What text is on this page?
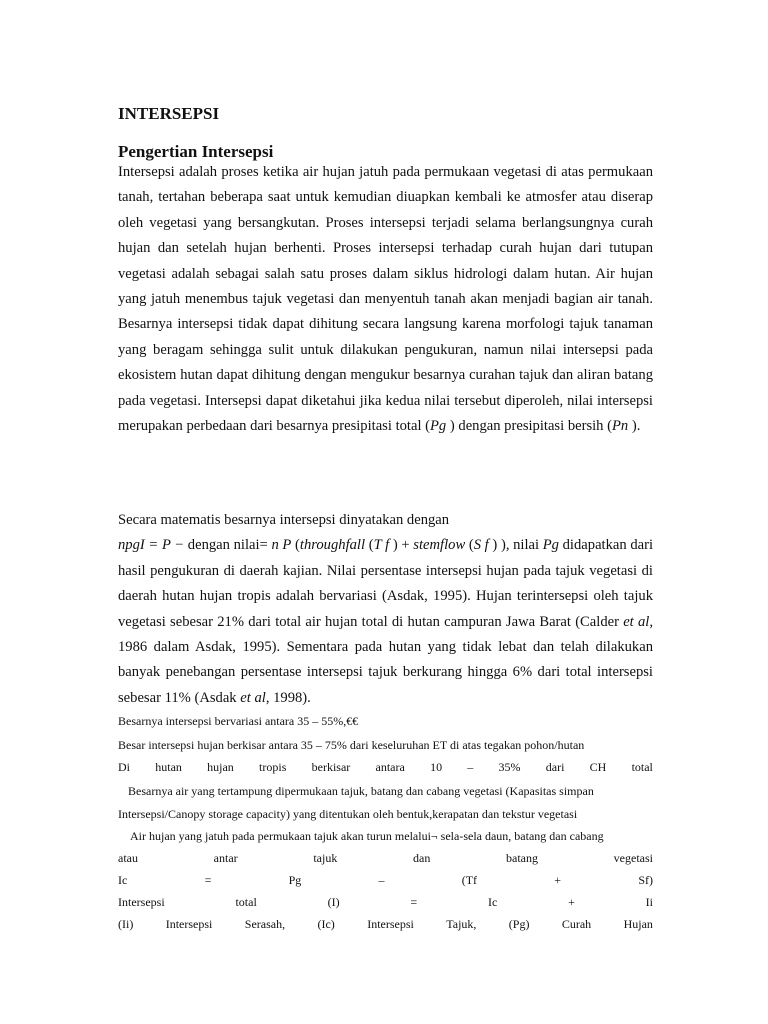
INTERSEPSI
Pengertian Intersepsi

Intersepsi adalah proses ketika air hujan jatuh pada permukaan vegetasi di atas permukaan tanah, tertahan beberapa saat untuk kemudian diuapkan kembali ke atmosfer atau diserap oleh vegetasi yang bersangkutan. Proses intersepsi terjadi selama berlangsungnya curah hujan dan setelah hujan berhenti. Proses intersepsi terhadap curah hujan dari tutupan vegetasi adalah sebagai salah satu proses dalam siklus hidrologi dalam hutan. Air hujan yang jatuh menembus tajuk vegetasi dan menyentuh tanah akan menjadi bagian air tanah. Besarnya intersepsi tidak dapat dihitung secara langsung karena morfologi tajuk tanaman yang beragam sehingga sulit untuk dilakukan pengukuran, namun nilai intersepsi pada ekosistem hutan dapat dihitung dengan mengukur besarnya curahan tajuk dan aliran batang pada vegetasi. Intersepsi dapat diketahui jika kedua nilai tersebut diperoleh, nilai intersepsi merupakan perbedaan dari besarnya presipitasi total (Pg ) dengan presipitasi bersih (Pn ).

Secara matematis besarnya intersepsi dinyatakan dengan
npgI = P − dengan nilai= n P (throughfall (T f ) + stemflow (S f ) ), nilai Pg didapatkan dari hasil pengukuran di daerah kajian. Nilai persentase intersepsi hujan pada tajuk vegetasi di daerah hutan hujan tropis adalah bervariasi (Asdak, 1995). Hujan terintersepsi oleh tajuk vegetasi sebesar 21% dari total air hujan total di hutan campuran Jawa Barat (Calder et al, 1986 dalam Asdak, 1995). Sementara pada hutan yang tidak lebat dan telah dilakukan banyak penebangan persentase intersepsi tajuk berkurang hingga 6% dari total intersepsi sebesar 11% (Asdak et al, 1998).

Besarnya intersepsi bervariasi antara 35 – 55%,€€

Besar intersepsi hujan berkisar antara 35 – 75% dari keseluruhan ET di atas tegakan pohon/hutan

Di hutan hujan tropis berkisar antara 10 – 35% dari CH total

Besarnya air yang tertampung dipermukaan tajuk, batang dan cabang vegetasi (Kapasitas simpan

Intersepsi/Canopy storage capacity) yang ditentukan oleh bentuk,kerapatan dan tekstur vegetasi

Air hujan yang jatuh pada permukaan tajuk akan turun melalui¬ sela-sela daun, batang dan cabang

atau	antar	tajuk	dan	batang	vegetasi
Ic	=	Pg	–	(Tf	+	Sf)
Intersepsi	total	(I)	=	Ic	+	Ii
(Ii)	Intersepsi	Serasah,	(Ic)	Intersepsi	Tajuk,	(Pg)	Curah	Hujan
